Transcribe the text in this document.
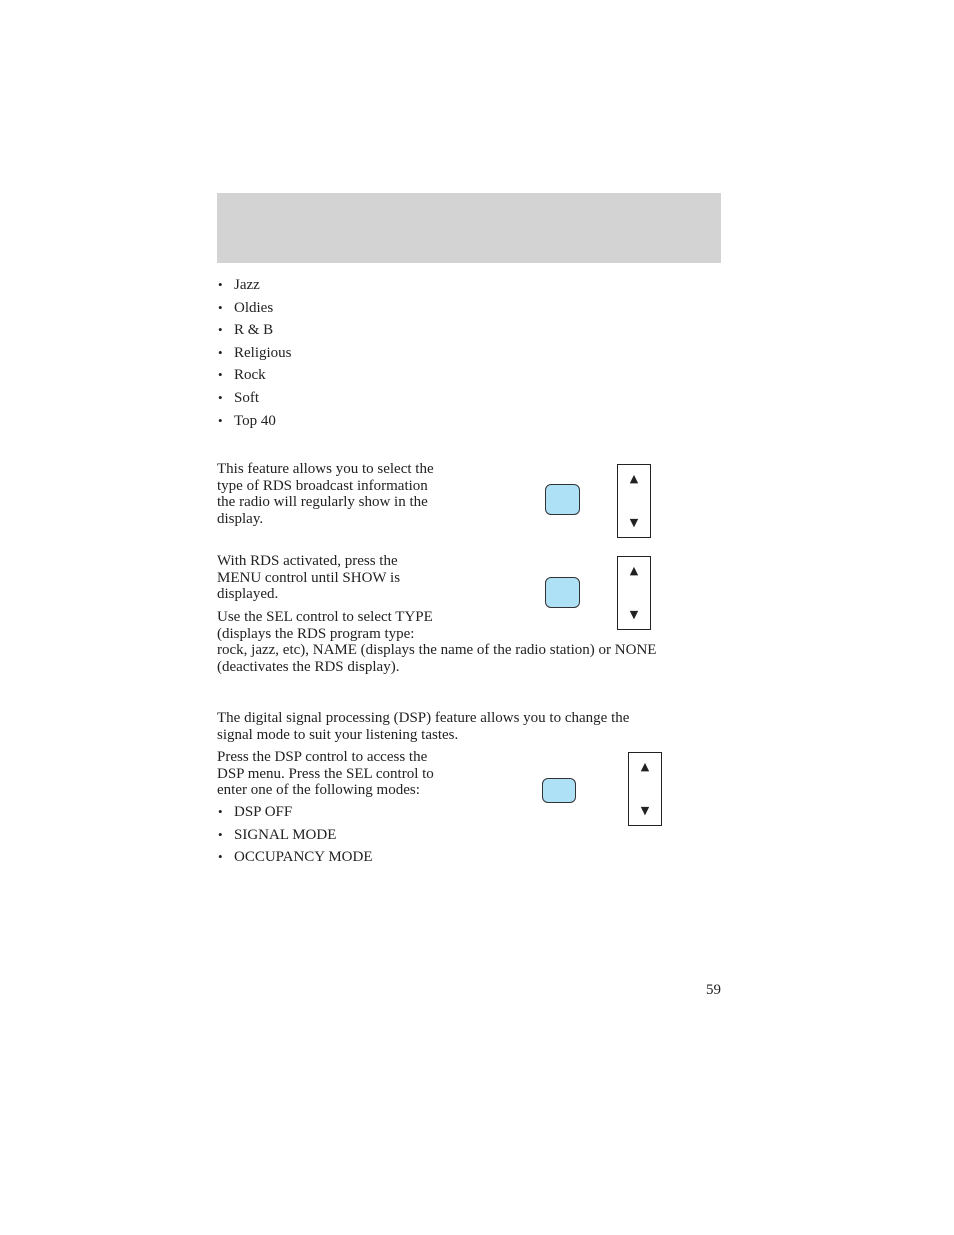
• Jazz
• Oldies
• R & B
• Religious
• Rock
• Soft
• Top 40

This feature allows you to select the
type of RDS broadcast information
the radio will regularly show in the
display.

▲
▼

With RDS activated, press the
MENU control until SHOW is
displayed.

▲
▼

Use the SEL control to select TYPE
(displays the RDS program type:
rock, jazz, etc), NAME (displays the name of the radio station) or NONE
(deactivates the RDS display).

The digital signal processing (DSP) feature allows you to change the
signal mode to suit your listening tastes.

Press the DSP control to access the
DSP menu. Press the SEL control to
enter one of the following modes:

▲
▼
• DSP OFF
• SIGNAL MODE
• OCCUPANCY MODE
59
